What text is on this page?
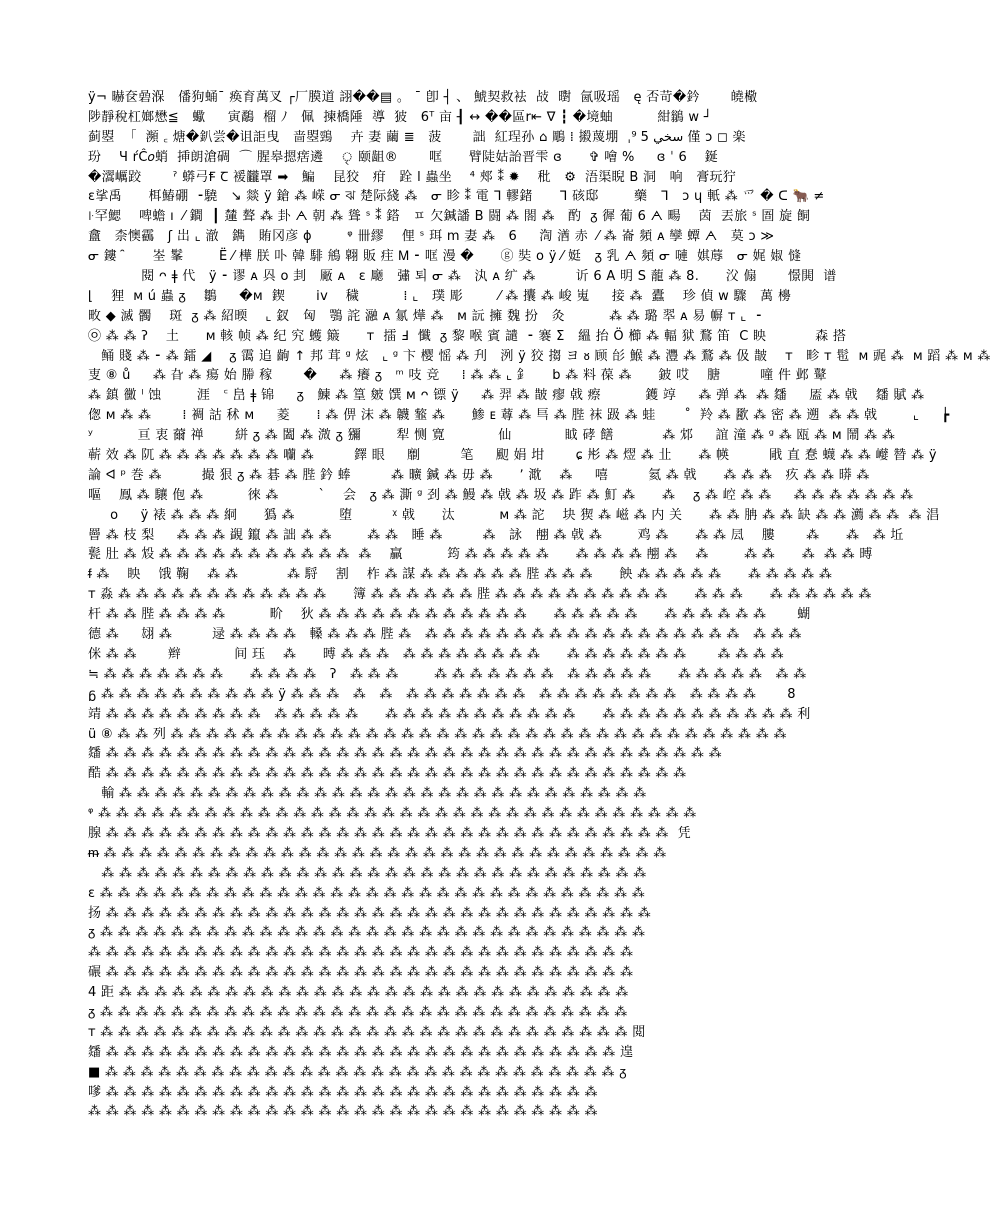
ÿ¬ 㬨奁碞湺   僠狗蛹ˉ 痪育萬叉 ┌厂膜道 詡��▤ 。 ˉ 卽 ┤ 、 鯱契救袪  敁  㬣  氤吸瑶   ę 否苛�鈐       皢㯳
陟靜稅杠嫏懋≦   蠍     寅鷸  榴 ﾉ   佩  揀橋陲  導  狓   6ᵀ 亩 ┨ ↔ ��區r⇤ ∇ ┇ �境蚰          紺鶲 ᴡ ┘
蓟曌  「  瀕 ꜀ 煻�釟尝�诅詎曳   啬曌鵛    卉 妻 繭 ≣   菠       詘  紅珵孙 ⌂ 鵰 ⁞ 摋蔑堋  ˌسخي 5 ⁹ 僅 ↄ ◻ 楽
玢    Ч ŕĈ𝑜蛸  挿朗滄碉  ⌒ 腥皋摁瘔遴    ৃ 颐龃®       哐      臂陡姑詒晋雫 ɞ      ✞ 噲 %     ɞ ˈ 6    鋋
�瀥巁跤       ˀ 蟒弓Ꞙ Ꞇ 褑龖罩 ➡   鯿    昆狡   疳   跧 l 蟲坐    ⁴ 郟 ⁑ ✹    秕   ⚙  浯渠睨 B 洞   响   膏玩狞
ɛ挲禹      栮鰆硼  ⁃驍   ↘ 燚 ÿ 鎗 ⁂ 嵘 ᓂ ঝ 楚际綫 ⁂   ᓂ 眕 ⁑ 電 ᒣ 轇鍺      ᒣ 硋邸        藥   ᒣ   ɔ ɥ 軝 ⁂ 爫 � ᑕ 🐂 ≠
꜏罕鰓    啤蟾 ı  ⁄ 鐧  ┃ 㰈 聱 ⁂ 卦 ᗅ 朝 ⁂ 聳 ˢ ⁑ 鎝   ㅍ 欠鍼譒 B 闘 ⁂ 閤 ⁂   酌  ᵹ 徲 葡 6 ᗅ 畼    茵  丟旅 ˢ 圄 旋 餇
盫   柰懊靏   ʃ 岀 ⌞ 澈   鐫   賄冈彦 ϕ        ᵠ 卌繆    俚 ˢ 珥 m 妻 ⁂   6     渹 湭 赤  ⁄ ⁂ 崙 頻 ᴀ 孿 蟫 ᗅ   莫 ↄ ≫
ᓂ 鏤  ̑      峑 髼        Ë ⁄ 樺 朕 卟 韓 騑 鴘 翺 販 疰 Ꮇ ⁃ 哐 漫 �      ⓖ 奘 ᴏ ÿ ⁄ 娗   ᵹ 乳 ᗅ 頻 ᓂ 嗹  娸蓐   ᓂ 娓 婌 㦀
閱 ᴖ ǂ 代   ÿ ⁃ 谬 ᴀ 㒷 ᴏ 刲   厰 ᴀ   ɛ 廰   彇 퇴 ᓂ ⁂   汍 ᴀ 纩 ⁂         䜣 6 A 明 S 蘢 ⁂ 8.      㳇 傓       憬閧  谱
⌊    狸  ᴍ ú 蟲 ᵹ    鶵     �ᴍ  鍥       iv    穢          ⁞ ⌞   璞 彫        ⁄ ⁂ 攮 ⁂ 峻 嵬     接 ⁂  蠹    珍 偵 ᴡ 驟   萬 櫋
畋 ◆ 滅 髑    斑  ᵹ ⁂ 紹㬉    ⌞ 釵   匈   鶚 詫 瀜 ᴀ 氱 燁 ⁂   ᴍ 䛃 擁 魏 扮   灸          ⁂ ⁂ 璐 翆 ᴀ 易 幈 ᴛ ⌞  ⁃
㉧ ⁂ ⁂ ʔ    土      ᴍ 輆 帧 ⁂ 纪 究 蠖 簸      ᴛ  擂 Ⅎ  懺  ᵹ 黎 喉 賓 譴  ⁃ 褰 Σ   縕 抬 Ö 櫛 ⁂ 輻 狱 鶩 笛  C 眏           森 搭
鲬 賤 ⁂ ⁃ ⁂ 鐳 ◢    ᵹ 霭 追 齣 ↑ 邦 茸 ᵍ 炫   ⌞ ᵍ 卞 樱 愮 ⁂ 刋   洌 ÿ 狡 搊 ヨ ᴕ 顾 㣍 鯸 ⁂ 灃 ⁂ 鶩 ⁂ 伋 皵    ᴛ   畛 ᴛ 髢  ᴍ 䜸 ⁂  ᴍ 蹈 ⁂ ᴍ ⁂
叓 ⑧ ů     ⁂ 旮 ⁂ 瘍 始 㬺 稼       �     ⁂ 癢 ᵹ   ᵐ 吱 竞     ⁞ ⁂ ⁂ ⌞ 釒     b ⁂ 料 葆 ⁂      鈹 哎    膅         噇 件 邺 鼙
⁂ 鎮 黴 ˡ 蚀        涯   ꜂ 峊 ǂ 锦     ᵹ   鰊 ⁂ 篁 皴 馔 ᴍ ᴖ 镖 ÿ     ⁂ 羿 ⁂ 皵 瘳 㦸 瘵          鑊 䇏     ⁂ 弹 ⁂  ⁂ 㸋     㕎 ⁂ 㦸    㸋 賦 ⁂
偬 ᴍ ⁂ ⁂       ⁞ 裯 詁 秫 ᴍ     菱      ⁞ ⁂ 㑭 沫 ⁂ 韤 䪠 ⁂      鯵 ᴇ 䔿 ⁂ 巪 ⁂ 䏶 袜 趿 ⁂ 蛙        ̊  羚 ⁂ 歠 ⁂ 密 ⁂ 遡  ⁂ ⁂ 㦸        ⌞     ┢
ʸ          亘 衷 薾 禅       絣 ᵹ ⁂ 闔 ⁂ 溦 ᵹ 獼        犁 恻 寛            仙            眓 硣 饍           ⁂ 邥     誼 潼 ⁂ ᵍ ⁂ 瓯 ⁂ ᴍ 鬧 ⁂ ⁂
蕲 效 ⁂ 阢 ⁂ ⁂ ⁂ ⁂ ⁂ ⁂ ⁂ 囒 ⁂         鐸 眼     劘         笔     䫸 娟 坩       ɕ 㣋 ⁂ 熤 ⁂ 㐀      ⁂ 㡕         戙 直 惷 蠛 ⁂ ⁂ 巕 㬱 ⁂ ÿ
論 ᐊ ᵖ 巻 ⁂         撮 狠 ᵹ ⁂ 碁 ⁂ 䏶 鈐 蜯         ⁂ 曠 鍼 ⁂ 毋 ⁂      ʼ 㴷    ⁂     嘻         氦 ⁂ 㦸      ⁂ ⁂ ⁂   疚 ⁂ ⁂ 㬒 ⁂
嘔    鳯 ⁂ 驤 佨 ⁂          徠 ⁂         `    会   ᵹ ⁂ 澌 ᵍ 刭 ⁂ 鰻 ⁂ 㦸 ⁂ 圾 ⁂ 䟭 ⁂ 䰳 ⁂      ⁂    ᵹ ⁂ 崆 ⁂ ⁂     ⁂ ⁂ ⁂ ⁂ ⁂ ⁂ ⁂
ᴏ     ÿ 裱 ⁂ ⁂ ⁂ 絧      㺔 ⁂          堕         ᵡ 㦸      汰          ᴍ ⁂ 詑    块 猰 ⁂ 嵫 ⁂ 内 关      ⁂ ⁂ 䏥 ⁂ ⁂ 缺 ⁂ ⁂ 瀳 ⁂ ⁂  ⁂ 淐
罾 ⁂ 枝 梨     ⁂ ⁂ ⁂ 䚊 鑹 ⁂ 詘 ⁂ ⁂        ⁂ ⁂   睡 ⁂         ⁂   詠   䎃 ⁂ 㦸 ⁂        鸡 ⁂      ⁂ ⁂ 凨    膢       ⁂      ⁂   ⁂ 坵
甏 肚 ⁂ 㱽 ⁂ ⁂ ⁂ ⁂ ⁂ ⁂ ⁂ ⁂ ⁂ ⁂ ⁂  ⁂    贏          筠 ⁂ ⁂ ⁂ ⁂ ⁂      ⁂ ⁂ ⁂ ⁂ 䎃 ⁂    ⁂        ⁂ ⁂      ⁂  ⁂ ⁂ 㬍
ᵮ ⁂    眏    饿 鞠    ⁂ ⁂           ⁂ 䮑    割    柞 ⁂ 謀 ⁂ ⁂ ⁂ ⁂ ⁂ ⁂ 䏶 ⁂ ⁂ ⁂      䬬 ⁂ ⁂ ⁂ ⁂ ⁂      ⁂ ⁂ ⁂ ⁂ ⁂
ᴛ 淼 ⁂ ⁂ ⁂ ⁂ ⁂ ⁂ ⁂ ⁂ ⁂ ⁂ ⁂ ⁂      簿 ⁂ ⁂ ⁂ ⁂ ⁂ ⁂ 䏶 ⁂ ⁂ ⁂ ⁂ ⁂ ⁂ ⁂ ⁂ ⁂ ⁂      ⁂ ⁂ ⁂      ⁂ ⁂ ⁂ ⁂ ⁂ ⁂
杆 ⁂ ⁂ 䏶 ⁂ ⁂ ⁂ ⁂          畍    狄 ⁂ ⁂ ⁂ ⁂ ⁂ ⁂ ⁂ ⁂ ⁂ ⁂ ⁂ ⁂      ⁂ ⁂ ⁂ ⁂ ⁂      ⁂ ⁂ ⁂ ⁂ ⁂ ⁂       蝴
德 ⁂     翃 ⁂         逯 ⁂ ⁂ ⁂ ⁂   䡦 ⁂ ⁂ ⁂ 䏶 ⁂   ⁂ ⁂ ⁂ ⁂ ⁂ ⁂ ⁂ ⁂ ⁂ ⁂ ⁂ ⁂ ⁂ ⁂ ⁂ ⁂ ⁂ ⁂   ⁂ ⁂ ⁂
侎 ⁂ ⁂       辫            间 珏    ⁂      㬍 ⁂ ⁂ ⁂   ⁂ ⁂ ⁂ ⁂ ⁂ ⁂ ⁂ ⁂      ⁂ ⁂ ⁂ ⁂ ⁂ ⁂ ⁂       ⁂ ⁂ ⁂ ⁂
≒ ⁂ ⁂ ⁂ ⁂ ⁂ ⁂ ⁂      ⁂ ⁂ ⁂ ⁂   ʔ   ⁂ ⁂ ⁂        ⁂ ⁂ ⁂ ⁂ ⁂ ⁂ ⁂   ⁂ ⁂ ⁂ ⁂ ⁂      ⁂ ⁂ ⁂ ⁂ ⁂   ⁂ ⁂
ᵷ ⁂ ⁂ ⁂ ⁂ ⁂ ⁂ ⁂ ⁂ ⁂ ⁂ ÿ ⁂ ⁂ ⁂   ⁂   ⁂   ⁂ ⁂ ⁂ ⁂ ⁂ ⁂ ⁂   ⁂ ⁂ ⁂ ⁂ ⁂ ⁂ ⁂ ⁂   ⁂ ⁂ ⁂ ⁂       8
靖 ⁂ ⁂ ⁂ ⁂ ⁂ ⁂ ⁂ ⁂ ⁂   ⁂ ⁂ ⁂ ⁂ ⁂      ⁂ ⁂ ⁂ ⁂ ⁂ ⁂ ⁂ ⁂ ⁂ ⁂ ⁂      ⁂ ⁂ ⁂ ⁂ ⁂ ⁂ ⁂ ⁂ ⁂ ⁂ ⁂ 利
ü ⑧ ⁂ ⁂ 列 ⁂ ⁂ ⁂ ⁂ ⁂ ⁂ ⁂ ⁂ ⁂ ⁂ ⁂ ⁂ ⁂ ⁂ ⁂ ⁂ ⁂ ⁂ ⁂ ⁂ ⁂ ⁂ ⁂ ⁂ ⁂ ⁂ ⁂ ⁂ ⁂ ⁂ ⁂ ⁂ ⁂ ⁂ ⁂
㸋 ⁂ ⁂ ⁂ ⁂ ⁂ ⁂ ⁂ ⁂ ⁂ ⁂ ⁂ ⁂ ⁂ ⁂ ⁂ ⁂ ⁂ ⁂ ⁂ ⁂ ⁂ ⁂ ⁂ ⁂ ⁂ ⁂ ⁂ ⁂ ⁂ ⁂ ⁂ ⁂ ⁂ ⁂ ⁂
酷 ⁂ ⁂ ⁂ ⁂ ⁂ ⁂ ⁂ ⁂ ⁂ ⁂ ⁂ ⁂ ⁂ ⁂ ⁂ ⁂ ⁂ ⁂ ⁂ ⁂ ⁂ ⁂ ⁂ ⁂ ⁂ ⁂ ⁂ ⁂ ⁂ ⁂ ⁂ ⁂ ⁂
輸 ⁂ ⁂ ⁂ ⁂ ⁂ ⁂ ⁂ ⁂ ⁂ ⁂ ⁂ ⁂ ⁂ ⁂ ⁂ ⁂ ⁂ ⁂ ⁂ ⁂ ⁂ ⁂ ⁂ ⁂ ⁂ ⁂ ⁂ ⁂ ⁂ ⁂
ᵠ ⁂ ⁂ ⁂ ⁂ ⁂ ⁂ ⁂ ⁂ ⁂ ⁂ ⁂ ⁂ ⁂ ⁂ ⁂ ⁂ ⁂ ⁂ ⁂ ⁂ ⁂ ⁂ ⁂ ⁂ ⁂ ⁂ ⁂ ⁂ ⁂ ⁂ ⁂ ⁂ ⁂ ⁂
腺 ⁂ ⁂ ⁂ ⁂ ⁂ ⁂ ⁂ ⁂ ⁂ ⁂ ⁂ ⁂ ⁂ ⁂ ⁂ ⁂ ⁂ ⁂ ⁂ ⁂ ⁂ ⁂ ⁂ ⁂ ⁂ ⁂ ⁂ ⁂ ⁂ ⁂ ⁂ ⁂  凭
ᵯ ⁂ ⁂ ⁂ ⁂ ⁂ ⁂ ⁂ ⁂ ⁂ ⁂ ⁂ ⁂ ⁂ ⁂ ⁂ ⁂ ⁂ ⁂ ⁂ ⁂ ⁂ ⁂ ⁂ ⁂ ⁂ ⁂ ⁂ ⁂ ⁂ ⁂ ⁂ ⁂
⁂ ⁂ ⁂ ⁂ ⁂ ⁂ ⁂ ⁂ ⁂ ⁂ ⁂ ⁂ ⁂ ⁂ ⁂ ⁂ ⁂ ⁂ ⁂ ⁂ ⁂ ⁂ ⁂ ⁂ ⁂ ⁂ ⁂ ⁂ ⁂ ⁂ ⁂
ɛ ⁂ ⁂ ⁂ ⁂ ⁂ ⁂ ⁂ ⁂ ⁂ ⁂ ⁂ ⁂ ⁂ ⁂ ⁂ ⁂ ⁂ ⁂ ⁂ ⁂ ⁂ ⁂ ⁂ ⁂ ⁂ ⁂ ⁂ ⁂ ⁂ ⁂ ⁂
扬 ⁂ ⁂ ⁂ ⁂ ⁂ ⁂ ⁂ ⁂ ⁂ ⁂ ⁂ ⁂ ⁂ ⁂ ⁂ ⁂ ⁂ ⁂ ⁂ ⁂ ⁂ ⁂ ⁂ ⁂ ⁂ ⁂ ⁂ ⁂ ⁂ ⁂ ⁂
ᵹ ⁂ ⁂ ⁂ ⁂ ⁂ ⁂ ⁂ ⁂ ⁂ ⁂ ⁂ ⁂ ⁂ ⁂ ⁂ ⁂ ⁂ ⁂ ⁂ ⁂ ⁂ ⁂ ⁂ ⁂ ⁂ ⁂ ⁂ ⁂ ⁂ ⁂ ⁂
⁂ ⁂ ⁂ ⁂ ⁂ ⁂ ⁂ ⁂ ⁂ ⁂ ⁂ ⁂ ⁂ ⁂ ⁂ ⁂ ⁂ ⁂ ⁂ ⁂ ⁂ ⁂ ⁂ ⁂ ⁂ ⁂ ⁂ ⁂ ⁂ ⁂ ⁂
碾 ⁂ ⁂ ⁂ ⁂ ⁂ ⁂ ⁂ ⁂ ⁂ ⁂ ⁂ ⁂ ⁂ ⁂ ⁂ ⁂ ⁂ ⁂ ⁂ ⁂ ⁂ ⁂ ⁂ ⁂ ⁂ ⁂ ⁂ ⁂ ⁂ ⁂
4 距 ⁂ ⁂ ⁂ ⁂ ⁂ ⁂ ⁂ ⁂ ⁂ ⁂ ⁂ ⁂ ⁂ ⁂ ⁂ ⁂ ⁂ ⁂ ⁂ ⁂ ⁂ ⁂ ⁂ ⁂ ⁂ ⁂ ⁂ ⁂ ⁂
ᵹ ⁂ ⁂ ⁂ ⁂ ⁂ ⁂ ⁂ ⁂ ⁂ ⁂ ⁂ ⁂ ⁂ ⁂ ⁂ ⁂ ⁂ ⁂ ⁂ ⁂ ⁂ ⁂ ⁂ ⁂ ⁂ ⁂ ⁂ ⁂ ⁂ ⁂
ᴛ ⁂ ⁂ ⁂ ⁂ ⁂ ⁂ ⁂ ⁂ ⁂ ⁂ ⁂ ⁂ ⁂ ⁂ ⁂ ⁂ ⁂ ⁂ ⁂ ⁂ ⁂ ⁂ ⁂ ⁂ ⁂ ⁂ ⁂ ⁂ ⁂ ⁂ 閲
㸋 ⁂ ⁂ ⁂ ⁂ ⁂ ⁂ ⁂ ⁂ ⁂ ⁂ ⁂ ⁂ ⁂ ⁂ ⁂ ⁂ ⁂ ⁂ ⁂ ⁂ ⁂ ⁂ ⁂ ⁂ ⁂ ⁂ ⁂ ⁂ ⁂ 遑
■ ⁂ ⁂ ⁂ ⁂ ⁂ ⁂ ⁂ ⁂ ⁂ ⁂ ⁂ ⁂ ⁂ ⁂ ⁂ ⁂ ⁂ ⁂ ⁂ ⁂ ⁂ ⁂ ⁂ ⁂ ⁂ ⁂ ⁂ ⁂ ⁂ ᵹ
嗲 ⁂ ⁂ ⁂ ⁂ ⁂ ⁂ ⁂ ⁂ ⁂ ⁂ ⁂ ⁂ ⁂ ⁂ ⁂ ⁂ ⁂ ⁂ ⁂ ⁂ ⁂ ⁂ ⁂ ⁂ ⁂ ⁂ ⁂ ⁂
⁂ ⁂ ⁂ ⁂ ⁂ ⁂ ⁂ ⁂ ⁂ ⁂ ⁂ ⁂ ⁂ ⁂ ⁂ ⁂ ⁂ ⁂ ⁂ ⁂ ⁂ ⁂ ⁂ ⁂ ⁂ ⁂ ⁂ ⁂ ⁂
